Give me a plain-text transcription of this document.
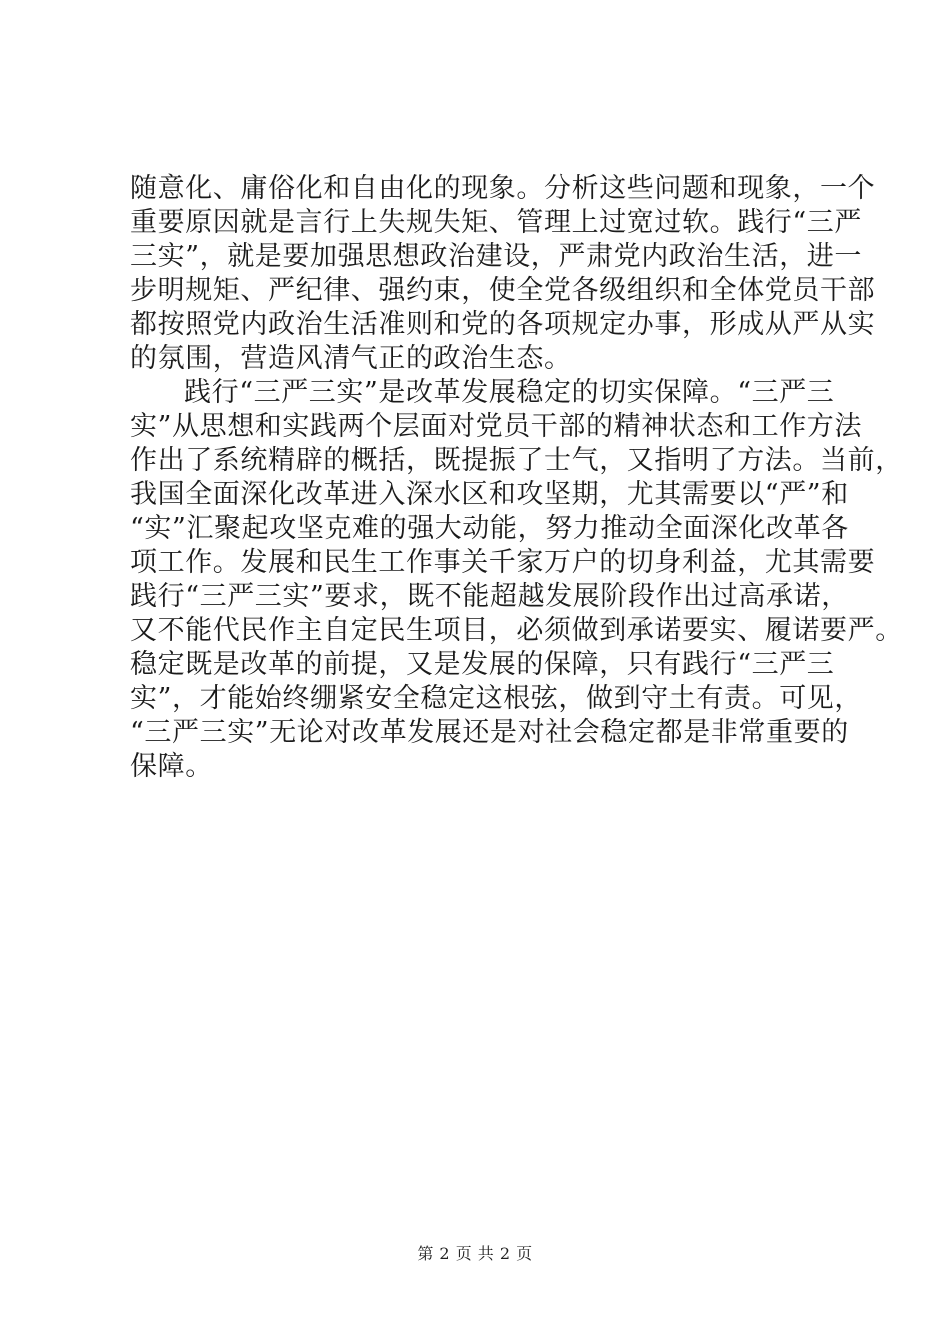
随意化、庸俗化和自由化的现象。分析这些问题和现象，一个
重要原因就是言行上失规失矩、管理上过宽过软。践行“三严
三实”，就是要加强思想政治建设，严肃党内政治生活，进一
步明规矩、严纪律、强约束，使全党各级组织和全体党员干部
都按照党内政治生活准则和党的各项规定办事，形成从严从实
的氛围，营造风清气正的政治生态。
践行“三严三实”是改革发展稳定的切实保障。“三严三
实”从思想和实践两个层面对党员干部的精神状态和工作方法
作出了系统精辟的概括，既提振了士气，又指明了方法。当前，
我国全面深化改革进入深水区和攻坚期，尤其需要以“严”和
“实”汇聚起攻坚克难的强大动能，努力推动全面深化改革各
项工作。发展和民生工作事关千家万户的切身利益，尤其需要
践行“三严三实”要求，既不能超越发展阶段作出过高承诺，
又不能代民作主自定民生项目，必须做到承诺要实、履诺要严。
稳定既是改革的前提，又是发展的保障，只有践行“三严三
实”，才能始终绷紧安全稳定这根弦，做到守土有责。可见，
“三严三实”无论对改革发展还是对社会稳定都是非常重要的
保障。
第 2 页 共 2 页
